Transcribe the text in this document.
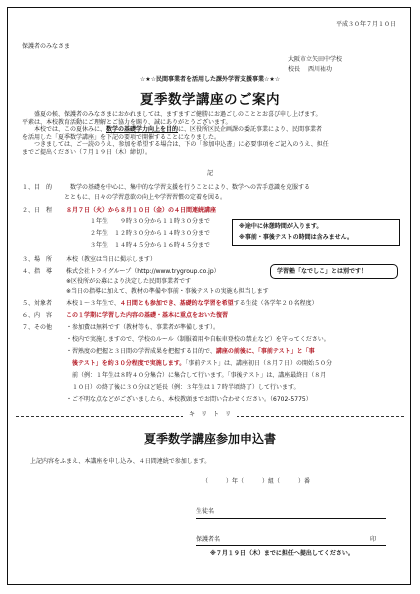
平成３０年７月１０日
保護者のみなさま
大阪市立矢田中学校
校長　 西川祐功
☆★☆民間事業者を活用した課外学習支援事業☆★☆
夏季数学講座のご案内
盛夏の候、保護者のみなさまにおかれましては、ますますご健勝にお過ごしのこととお喜び申し上げます。
平素は、本校教育活動にご理解とご協力を賜り、誠にありがとうございます。
本校では、この夏休みに、数学の基礎学力向上を目的に、区役所区民企画課の委託事業により、民間事業者
を活用した「夏季数学講座」を下記の要項で開催することになりました。
つきましては、ご一読のうえ、参加を希望する場合は、下の「参加申込書」に必要事項をご記入のうえ、担任
までご提出ください（７月１９日（木）締切）。
記
１、目　的	数学の基礎を中心に、集中的な学習支援を行うことにより、数学への苦手意識を克服する
とともに、日々の学習意欲の向上や学習習慣の定着を図る。
２、日　程 ８月７日（火）から８月１０日（金）の４日間連続講座
１年生　　９時３０分から１１時３０分まで
２年生　１２時３０分から１４時３０分まで
３年生　１４時４５分から１６時４５分まで
※途中に休憩時間が入ります。
※事前・事後テストの時間は含みません。
３、場　所 本校（教室は当日に掲示します）
４、指　導 株式会社トライグループ（http://www.trygroup.co.jp）
※区役所が公募により決定した民間事業者です
※当日の指導に加えて、教材の準備や事前・事後テストの実施も担当します
学習塾「なでしこ」とは別です！
５、対象者 本校１～３年生で、４日間とも参加でき、基礎的な学習を希望する生徒（各学年２０名程度）
６、内　容 この１学期に学習した内容の基礎・基本に重点をおいた復習
７、その他 ・参加費は無料です（教材等も、事業者が準備します）。
・校内で実施しますので、学校のルール（制服着用や自転車登校の禁止など）を守ってください。
・習熟度の把握と３日間の学習成果を把握する目的で、講座の前後に、「事前テスト」と「事
後テスト」を約３０分程度で実施します。「事前テスト」は、講座初日（８月７日）の開始５０分
前（例：１年生は８時４０分集合）に集合して行います。「事後テスト」は、講座最終日（８月
１０日）の終了後に３０分ほど延長（例：３年生は１７時半頃終了）して行います。
・ご不明な点などがございましたら、本校教頭までお問い合わせください。（6702-5775）
キ　リ　ト　リ
夏季数学講座参加申込書
上記内容をふまえ、本講座を申し込み、４日間連続で参加します。
（　　　）年（　　　）組（　　　）番
生徒名
保護者名	印
※７月１９日（木）までに担任へ提出してください。
